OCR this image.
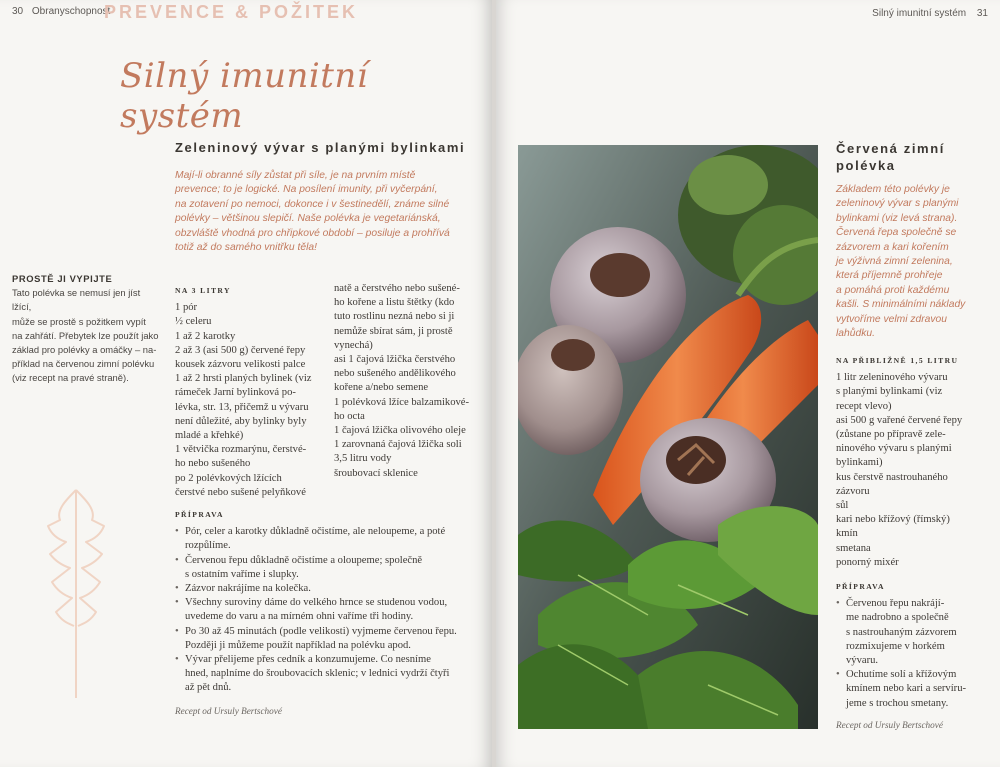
30 Obranyschopnost
PREVENCE & POŽITEK
Silný imunitní systém
Zeleninový vývar s planými bylinkami
Mají-li obranné síly zůstat při síle, je na prvním místě
prevence; to je logické. Na posílení imunity, při vyčerpání,
na zotavení po nemoci, dokonce i v šestinedělí, známe silné
polévky – většinou slepičí. Naše polévka je vegetariánská,
obzvláště vhodná pro chřipkové období – posiluje a prohřívá
totiž až do samého vnitřku těla!
PROSTĚ JI VYPIJTE
Tato polévka se nemusí jen jíst lžící,
může se prostě s požitkem vypít
na zahřátí. Přebytek lze použít jako
základ pro polévky a omáčky – na-
příklad na červenou zimní polévku
(viz recept na pravé straně).
NA 3 LITRY
1 pór
½ celeru
1 až 2 karotky
2 až 3 (asi 500 g) červené řepy
kousek zázvoru velikosti palce
1 až 2 hrsti planých bylinek (viz
rámeček Jarní bylinková po-
lévka, str. 13, přičemž u vývaru
není důležité, aby bylinky byly
mladé a křehké)
1 větvička rozmarýnu, čerstvé-
ho nebo sušeného
po 2 polévkových lžících
čerstvé nebo sušené pelyňkové
natě a čerstvého nebo sušené-
ho kořene a listu štětky (kdo
tuto rostlinu nezná nebo si ji
nemůže sbírat sám, ji prostě
vynechá)
asi 1 čajová lžička čerstvého
nebo sušeného andělikového
kořene a/nebo semene
1 polévková lžíce balzamikové-
ho octa
1 čajová lžička olivového oleje
1 zarovnaná čajová lžička soli
3,5 litru vody
šroubovací sklenice
PŘÍPRAVA
• Pór, celer a karotky důkladně očistíme, ale neloupeme, a poté
rozpůlíme.
• Červenou řepu důkladně očistíme a oloupeme; společně
s ostatním vaříme i slupky.
• Zázvor nakrájíme na kolečka.
• Všechny suroviny dáme do velkého hrnce se studenou vodou,
uvedeme do varu a na mírném ohni vaříme tři hodiny.
• Po 30 až 45 minutách (podle velikosti) vyjmeme červenou řepu.
Později ji můžeme použít například na polévku apod.
• Vývar přelijeme přes cedník a konzumujeme. Co nesníme
hned, naplníme do šroubovacích sklenic; v lednici vydrží čtyři
až pět dnů.
Recept od Ursuly Bertschové
Silný imunitní systém 31
Červená zimní
polévka
Základem této polévky je
zeleninový vývar s planými
bylinkami (viz levá strana).
Červená řepa společně se
zázvorem a kari kořením
je výživná zimní zelenina,
která příjemně prohřeje
a pomáhá proti každému
kašli. S minimálními náklady
vytvoříme velmi zdravou
lahůdku.
NA PŘIBLIŽNĚ 1,5 LITRU
1 litr zeleninového vývaru
s planými bylinkami (viz
recept vlevo)
asi 500 g vařené červené řepy
(zůstane po přípravě zele-
ninového vývaru s planými
bylinkami)
kus čerstvě nastrouhaného
zázvoru
sůl
kari nebo křížový (římský)
kmín
smetana
ponorný mixér
PŘÍPRAVA
• Červenou řepu nakrájí-
me nadrobno a společně
s nastrouhaným zázvorem
rozmixujeme v horkém
vývaru.
• Ochutíme solí a křížovým
kmínem nebo kari a servíru-
jeme s trochou smetany.
Recept od Ursuly Bertschové
